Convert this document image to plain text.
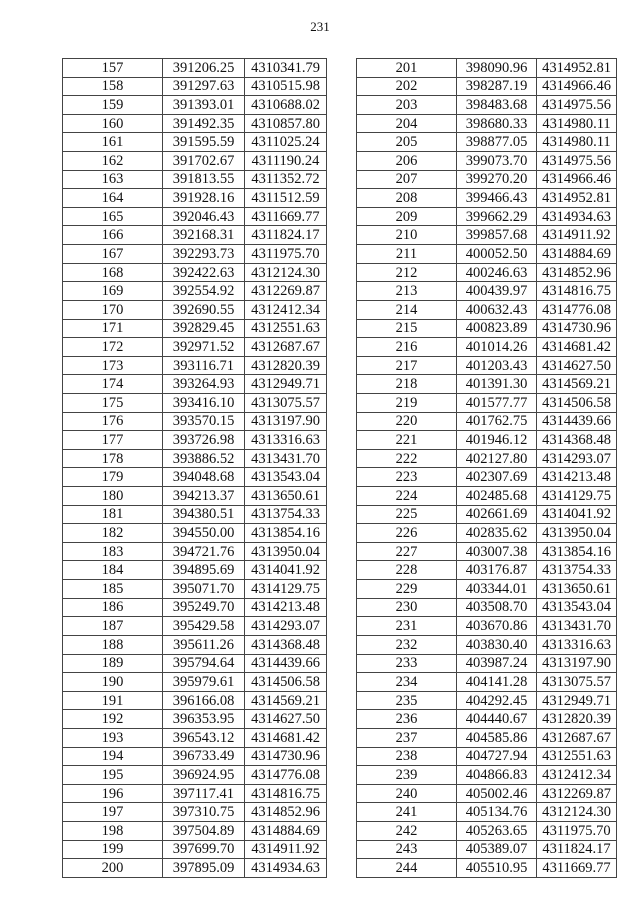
231
157	391206.25	4310341.79
158	391297.63	4310515.98
159	391393.01	4310688.02
160	391492.35	4310857.80
161	391595.59	4311025.24
162	391702.67	4311190.24
163	391813.55	4311352.72
164	391928.16	4311512.59
165	392046.43	4311669.77
166	392168.31	4311824.17
167	392293.73	4311975.70
168	392422.63	4312124.30
169	392554.92	4312269.87
170	392690.55	4312412.34
171	392829.45	4312551.63
172	392971.52	4312687.67
173	393116.71	4312820.39
174	393264.93	4312949.71
175	393416.10	4313075.57
176	393570.15	4313197.90
177	393726.98	4313316.63
178	393886.52	4313431.70
179	394048.68	4313543.04
180	394213.37	4313650.61
181	394380.51	4313754.33
182	394550.00	4313854.16
183	394721.76	4313950.04
184	394895.69	4314041.92
185	395071.70	4314129.75
186	395249.70	4314213.48
187	395429.58	4314293.07
188	395611.26	4314368.48
189	395794.64	4314439.66
190	395979.61	4314506.58
191	396166.08	4314569.21
192	396353.95	4314627.50
193	396543.12	4314681.42
194	396733.49	4314730.96
195	396924.95	4314776.08
196	397117.41	4314816.75
197	397310.75	4314852.96
198	397504.89	4314884.69
199	397699.70	4314911.92
200	397895.09	4314934.63
201	398090.96	4314952.81
202	398287.19	4314966.46
203	398483.68	4314975.56
204	398680.33	4314980.11
205	398877.05	4314980.11
206	399073.70	4314975.56
207	399270.20	4314966.46
208	399466.43	4314952.81
209	399662.29	4314934.63
210	399857.68	4314911.92
211	400052.50	4314884.69
212	400246.63	4314852.96
213	400439.97	4314816.75
214	400632.43	4314776.08
215	400823.89	4314730.96
216	401014.26	4314681.42
217	401203.43	4314627.50
218	401391.30	4314569.21
219	401577.77	4314506.58
220	401762.75	4314439.66
221	401946.12	4314368.48
222	402127.80	4314293.07
223	402307.69	4314213.48
224	402485.68	4314129.75
225	402661.69	4314041.92
226	402835.62	4313950.04
227	403007.38	4313854.16
228	403176.87	4313754.33
229	403344.01	4313650.61
230	403508.70	4313543.04
231	403670.86	4313431.70
232	403830.40	4313316.63
233	403987.24	4313197.90
234	404141.28	4313075.57
235	404292.45	4312949.71
236	404440.67	4312820.39
237	404585.86	4312687.67
238	404727.94	4312551.63
239	404866.83	4312412.34
240	405002.46	4312269.87
241	405134.76	4312124.30
242	405263.65	4311975.70
243	405389.07	4311824.17
244	405510.95	4311669.77
